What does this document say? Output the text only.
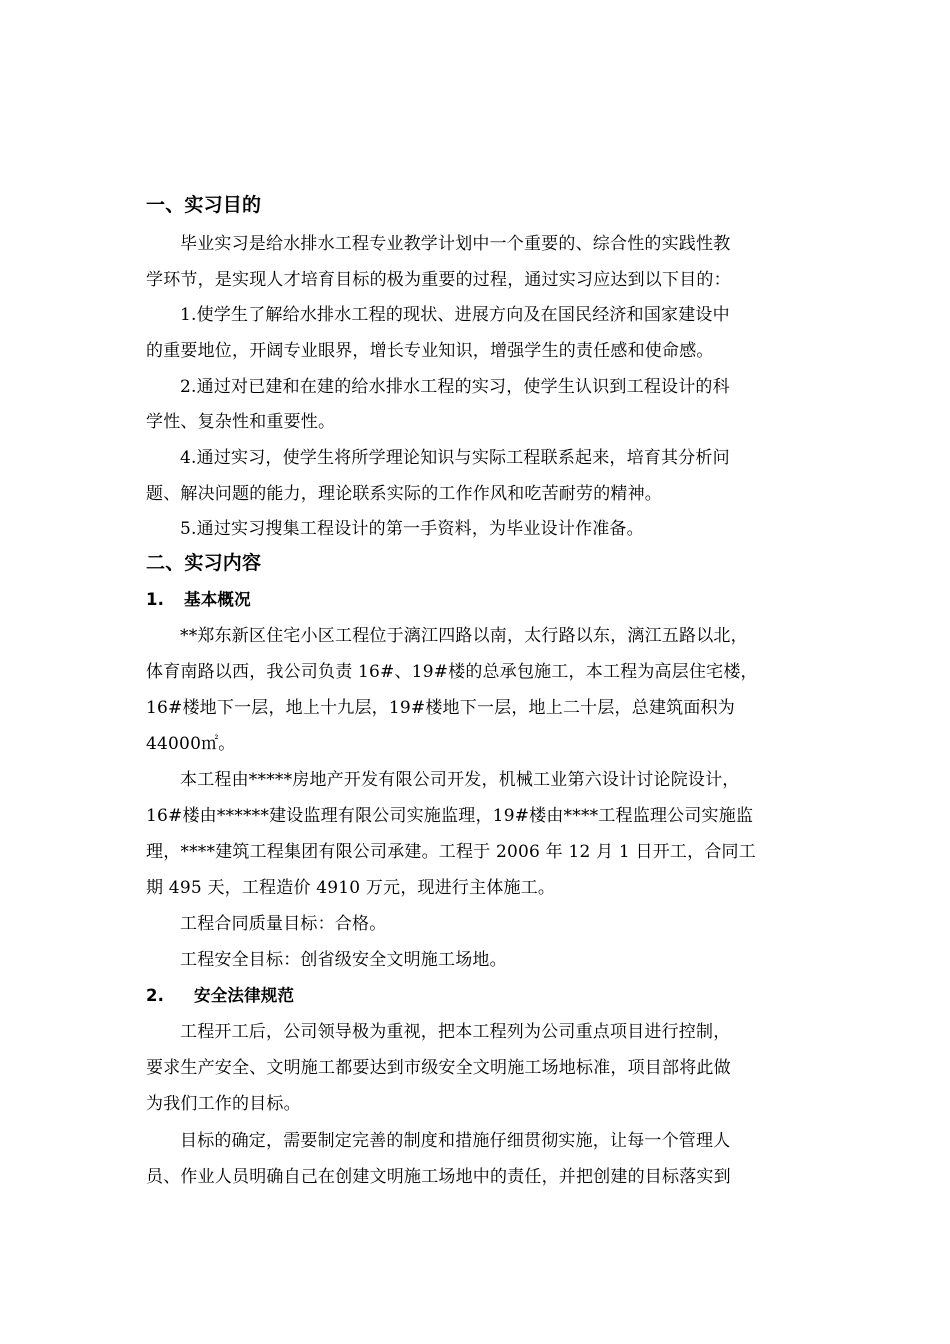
一、实习目的
毕业实习是给水排水工程专业教学计划中一个重要的、综合性的实践性教
学环节，是实现人才培育目标的极为重要的过程，通过实习应达到以下目的：
1.使学生了解给水排水工程的现状、进展方向及在国民经济和国家建设中
的重要地位，开阔专业眼界，增长专业知识，增强学生的责任感和使命感。
2.通过对已建和在建的给水排水工程的实习，使学生认识到工程设计的科
学性、复杂性和重要性。
4.通过实习，使学生将所学理论知识与实际工程联系起来，培育其分析问
题、解决问题的能力，理论联系实际的工作作风和吃苦耐劳的精神。
5.通过实习搜集工程设计的第一手资料，为毕业设计作准备。
二、实习内容
1. 基本概况
**郑东新区住宅小区工程位于漓江四路以南，太行路以东，漓江五路以北，
体育南路以西，我公司负责 16#、19#楼的总承包施工，本工程为高层住宅楼，
16#楼地下一层，地上十九层，19#楼地下一层，地上二十层，总建筑面积为
44000㎡。
本工程由*****房地产开发有限公司开发，机械工业第六设计讨论院设计，
16#楼由******建设监理有限公司实施监理，19#楼由****工程监理公司实施监
理，****建筑工程集团有限公司承建。工程于 2006 年 12 月 1 日开工，合同工
期 495 天，工程造价 4910 万元，现进行主体施工。
工程合同质量目标：合格。
工程安全目标：创省级安全文明施工场地。
2. 安全法律规范
工程开工后，公司领导极为重视，把本工程列为公司重点项目进行控制，
要求生产安全、文明施工都要达到市级安全文明施工场地标准，项目部将此做
为我们工作的目标。
目标的确定，需要制定完善的制度和措施仔细贯彻实施，让每一个管理人
员、作业人员明确自己在创建文明施工场地中的责任，并把创建的目标落实到
